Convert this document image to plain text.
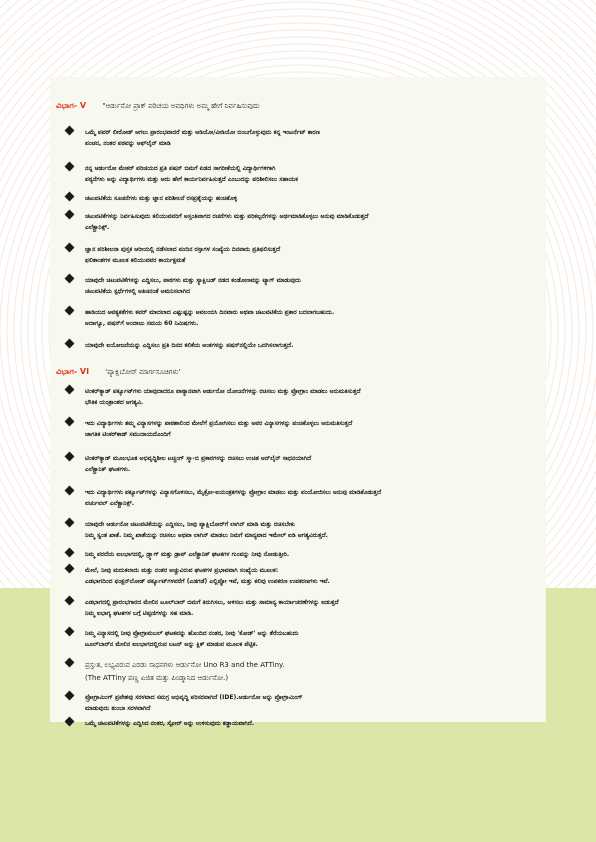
ವಿಭಾಗ- V "ಆರ್ಡುನೋ ಪ್ರಾಕ್ ಪರಿಚಯ ಅವಧಿಗಳು ಅಮ್ಮ ಹೇಗೆ ನಿರ್ವಹಿಸುವುದು
ಒಮ್ಮೆ ಪವರ್ ಲೀರೋಡ್ ಆಗಲು ಪ್ರಾರಂಭವಾದರೆ ಮತ್ತು ಆಡಿಯೋ/ವೀಡಿಯೋ ಬಿಂಬಗೊಳ್ಳುವುದು ಕನ್ನ ಇಂಟರ್ನೆಟ್ ಕಾರಣ
ಪಂಚನ, ನಂತರ ಪಠವನ್ನು ಆಫ್‌ಲೈನ್ ಮಾಡಿ
ನನ್ನ ಆರ್ಡುನೋ ಮೇಕರ್ ಪರಿಚಯದ ಪ್ರತಿ ಪಷನ್ ಬಿಮಗೆ ಏಡದ ಸಾಗರೀಕೆಯಲ್ಲಿ ವಿದ್ಯಾರ್ಥಿಗಳಿಗಾಗಿ
ಪಠ್ಯನೆಗಳು ಅನ್ನು ವಿದ್ಯಾರ್ಥಿಗಳು ಮತ್ತು ಅದು ಹೇಗೆ ಕಾರ್ಯನಿರ್ವಹಿಸುತ್ತದೆ ಎಂಬುದನ್ನು ಪರಿಶೀಲಿಸಲು ಸಹಾಯಕ
ಚಟುವಟಿಕೆಯ ಸೂಚನೆಗಳು ಮತ್ತು ಜ್ಞಾನ ಪರಿಶೀಲನೆ ರಸಪ್ರಶ್ನೆಯನ್ನು ಹಂಚಿಕೊಳ್ಳಿ
ಚಟುವಟಿಕೆಗಳನ್ನು ನಿರ್ವಹಿಸುವುದು ಕಲಿಯುವವರಿಗೆ ಅಸ್ತಂತಿವಾಗದ ರಚನೆಗಳು ಮತ್ತು ಪರಿಕಲ್ಪನೆಗಳನ್ನು ಅರ್ಥಮಾಡಿಕೊಳ್ಳಲು ಅನುವು ಮಾಡಿಕೊಡುತ್ತದೆ
ಎಲೆಕ್ಟ್ರಾನಿಕ್ಸ್.
ಜ್ಞಾನ ಪರಿಶೀಲನಾ ಪುಸ್ತಕ ಆರೀಯಲ್ಲಿ ನಡೆಸಲಾದ ಪಂದಿನ ರಸ್ತಾಗಳ ಸಂಖ್ಯೆಯ ದಿನವಾರು ಪ್ರತಿಫಲಿಸುತ್ತದೆ
ಫಲಿತಾಂಶಗಳ ಮೂಲಕ ಕಲಿಯುವವರ ಕಾರ್ಯಕ್ಷಮತೆ
ಯಾವುದೇ ಚಟುವಟಿಕೆಗಳನ್ನು ಎದ್ದಿಸಲು, ಪಾಠಗಳು ಮತ್ತು ಸ್ಯಾಕ್ಷಿಬಡ್ ನಡದ ಕಂಡೋಣವನ್ನು ಟ್ಯಾಗ್ ಮಾಡುವುದು
ಚಟುವಟಿಕೆಯ ಸ್ಪರ್ಧೆಗಳಲ್ಲಿ ಅತಿಚಿನಂತೆ ಅಮನಿಸಲಾಗಿದ
ಹಾಡಿಯದ ಅವಕ್ಯಕತೆಗಳು ಕವರ್ ಮಾದಲಾದ ಎಷ್ಟುಷ್ಟನ್ನು ಅವಲಂಬಿಸಿ ದಿನವಾರು ಅಥವಾ ಚಟುವಟಿಕೆಯ ಪ್ರಕಾರ ಬದಲಾಗಬಹುದು.
ಅದಾಗ್ಯೂ, ಪಷನ್‌ಗೆ ಅಂದಾಜು ಸಮಯ 60 ನಿಮಿಷಗಳು.
ಯಾವುದೇ ಐಯೋಜನೆಯನ್ನು ಎದ್ದಿಸಲು ಪ್ರತಿ ದಿನದ ಕಲಿಕೆಯ ಅಂಕಗಳನ್ನು ಪಷನ್‌ನಲ್ಲಿಯೇ ಒದಗಿಸಲಾಗುತ್ತದೆ.
ವಿಭಾಗ- VI 'ಪ್ಯಾಕ್ಷಿಬೋರ್ ಮಾರ್ಗಸೂಚಿಗಳು'
ಟಿಂಕರ್‌ಕ್ಯಾಡ್ ಪರ್ಕ್ಯೂಟ್‌ಗಳು ಯಾವುದಾದರೂ ಪಾಠ್ಯಾನವಾಗಿ ಆರ್ಡುನೋ ಯೋಜನೆಗಳನ್ನು ರಚಿಸಲು ಮತ್ತು ಪ್ರೋಗ್ರಾಂ ಮಾಡಲು ಅನುಮತಿಸುತ್ತದೆ
ಭೌತಿಕ ಯಂತ್ರಾಂಶದ ಅಗತ್ಯವಿ.
ಇದು ವಿದ್ಯಾರ್ಥಿಗಳು ತಮ್ಮ ವಿನ್ಯಾಸಗಳನ್ನು ಪಾಠಶಾಲಿಂದ ಮೇಲೆಗೆ ಪ್ರಯೋಗಿಸಲು ಮತ್ತು ಅವರ ವಿನ್ಯಾಸಗಳನ್ನು ಪಂಚಿಕೊಳ್ಳಲು ಅನುಮತಿಸುತ್ತದೆ
ಜಾಗತಿಕ ಟಿಂಕರ್‌ಕಾಡ್ ಸಮುದಾಯದೊಂದಿಗೆ
ಟಿಂಕರ್‌ಕ್ಯಾಡ್ ಮೂಲಭೂತ ಅಭಿವೃದ್ಧಿಶೀಲ ಟಚ್ಚಿಂಗ್ ಸ್ಮಾ-ಬಿ ಪ್ರಕಾರಗಳನ್ನು ರಚಿಸಲು ಉಚಿತ ಆನ್‌ಲೈನ್ ಸಾಧನಯಾಗಿದೆ
ಎಲೆಕ್ಟ್ರಾನಿಕ್ ಘಟಕಗಳು.
ಇದು ವಿದ್ಯಾರ್ಥಿಗಳು ಪರ್ಕ್ಯೂಟ್‌ಗಳನ್ನು ವಿನ್ಯಾಸಗೊಳಿಸಲು, ಮೈಕ್ರೋ-ಐಯಂತ್ರಕಗಳನ್ನು ಪ್ರೋಗ್ರಾಂ ಮಾಡಲು ಮತ್ತು ಪಂಯೋಜಿಸಲು ಅನುವು ಮಾಡಿಕೊಡುತ್ತದೆ
ವರ್ಚುವಲ್ ಎಲೆಕ್ಟ್ರಾನಿಕ್ಸ್.
ಯಾವುದೇ ಆರ್ಡುನೋ ಚಟುವಟಿಕೆಯನ್ನು ಎದ್ದಿಸಲು, ನೀವು ಪ್ಯಾಕ್ಷಿಬೋರ್‌ಗೆ ಲಾಗಿನ್ ಮಾಡಿ ಮತ್ತು ರಚಿಸಬೇಕು
ನಿಮ್ಮ ಸ್ವಂತ ಖಾತೆ. ನಿಮ್ಮ ಖಾತೆಯನ್ನು ರಚಿಸಲು ಅಥವಾ ಲಾಗಿನ್ ಮಾಡಲು ನಿಮಗೆ ಮಾನ್ಯವಾದ ಇಮೇಲ್ ಐಡಿ ಅಗತ್ಯವಿರುತ್ತದೆ.
ನಿಮ್ಮ ಪರದೆಯ ಐಲಭಾಗದಲ್ಲಿ, ಡ್ರ್ಯಾಗ್ ಮತ್ತು ಡ್ರಾಪ್ ಎಲೆಕ್ಟ್ರಾನಿಕ್ ಘಟಕಗಳ ಗುಂಪನ್ನು ನೀವು ನೋಡುತ್ತೀರಿ.
ಮೇಲೆ, ನೀವು ಮದುಕಲಾದು ಮತ್ತು ನಂತರ ಅಚ್ಚುವಿರುವ ಘಟಕಗಳ ಪ್ರಭಾವವಾಗಿ ಸಂಖ್ಯೆಯ ಮೂಲಕ:
ಎಡಭಾಗದಿಂದ ಫಂಕ್ಷನ್‌ಲೋಡ್ ಪರ್ಕ್ಯೂಟ್‌ಗಳವರೆಗೆ (ಎಡಗಡೆ) ಎಲ್ಲಿಪ್ಪೋ ಇವೆ, ಮತ್ತು ಕಲಿವು ಉಪಕರಣ ಉಪಕರಣಗಳು ಇವೆ.
ಎಡಭಾಗದಲ್ಲಿ ಪ್ರಾರಂಭಗಾರದ ಮೇಲಿನ ಟೂಲ್‌ಬಾರ್ ಬಿಮಗೆ ತಿರುಗಿಸಲು, ಅಳಿಸಲು ಮತ್ತು ಸಾಮಾನ್ಯ ಕಾರ್ಯಾಚರಣೆಗಳನ್ನು ಐಡುತ್ತದೆ
ನಿಮ್ಮ ಐಭಾಗ್ಯ ಘಟಕಗಳ ಬಗ್ಗೆ ಟಿಪ್ಪಣಿಗಳನ್ನು ಸಹ ಮಾಡಿ.
ನಿಮ್ಮ ವಿನ್ಯಾಸದಲ್ಲಿ ನೀವು ಪ್ರೋಗ್ರಾಮಬಲ್ ಘಟಕವನ್ನು ಹೊಂದಿದ ನಂತರ, ನೀವು 'ಕೋಡ್' ಅನ್ನು ತೆರೆಯಬಹುದು
ಟೂಲ್‌ಬಾರ್‌ನ ಮೇಲಿನ ಐಲಭಾಗದಲ್ಲಿರುವ ಬಟನ್ ಅನ್ನು ಕ್ಲಿಕ್ ಮಾಡುವ ಮೂಲಕ ಪೆಟ್ಟಿಕ.
ಪ್ರಸ್ತುತ, ಲಭ್ಯವಿರುವ ಎರಡು ಸಾಧನಗಳು ಆರ್ಡುನೋ Uno R3 and the ATTiny.
(The ATTiny ಪಣ್ಣ ಏಜಿತ ಮತ್ತು ಪಿಂಡ್ಮಾನಿದ ಆರ್ಡುನೋ.)
ಪ್ರೋಗ್ರಾಮಿಂಗ್ ಪ್ರವೇಶವು ಸರಳವಾದ ಸಮಗ್ರ ಅಭಿವೃದ್ಧಿ ಪರಿಸರವಾಗಿದೆ (IDE).ಆರ್ಡುನೋ ಅನ್ನು ಪ್ರೋಗ್ರಾಮಿಂಗ್
ಮಾಡುವುದು ತುಂಬಾ ಸರಳವಾಗಿದೆ
ಒಮ್ಮೆ ಚಟುವಟಿಕೆಗಳನ್ನು ಎದ್ದಿಸಿದ ನಂತರ, ಸ್ಟೋರ್ ಅನ್ನು ಉಳಿಸುವುದು ಕಡ್ಡಾಯವಾಗಿದೆ.
